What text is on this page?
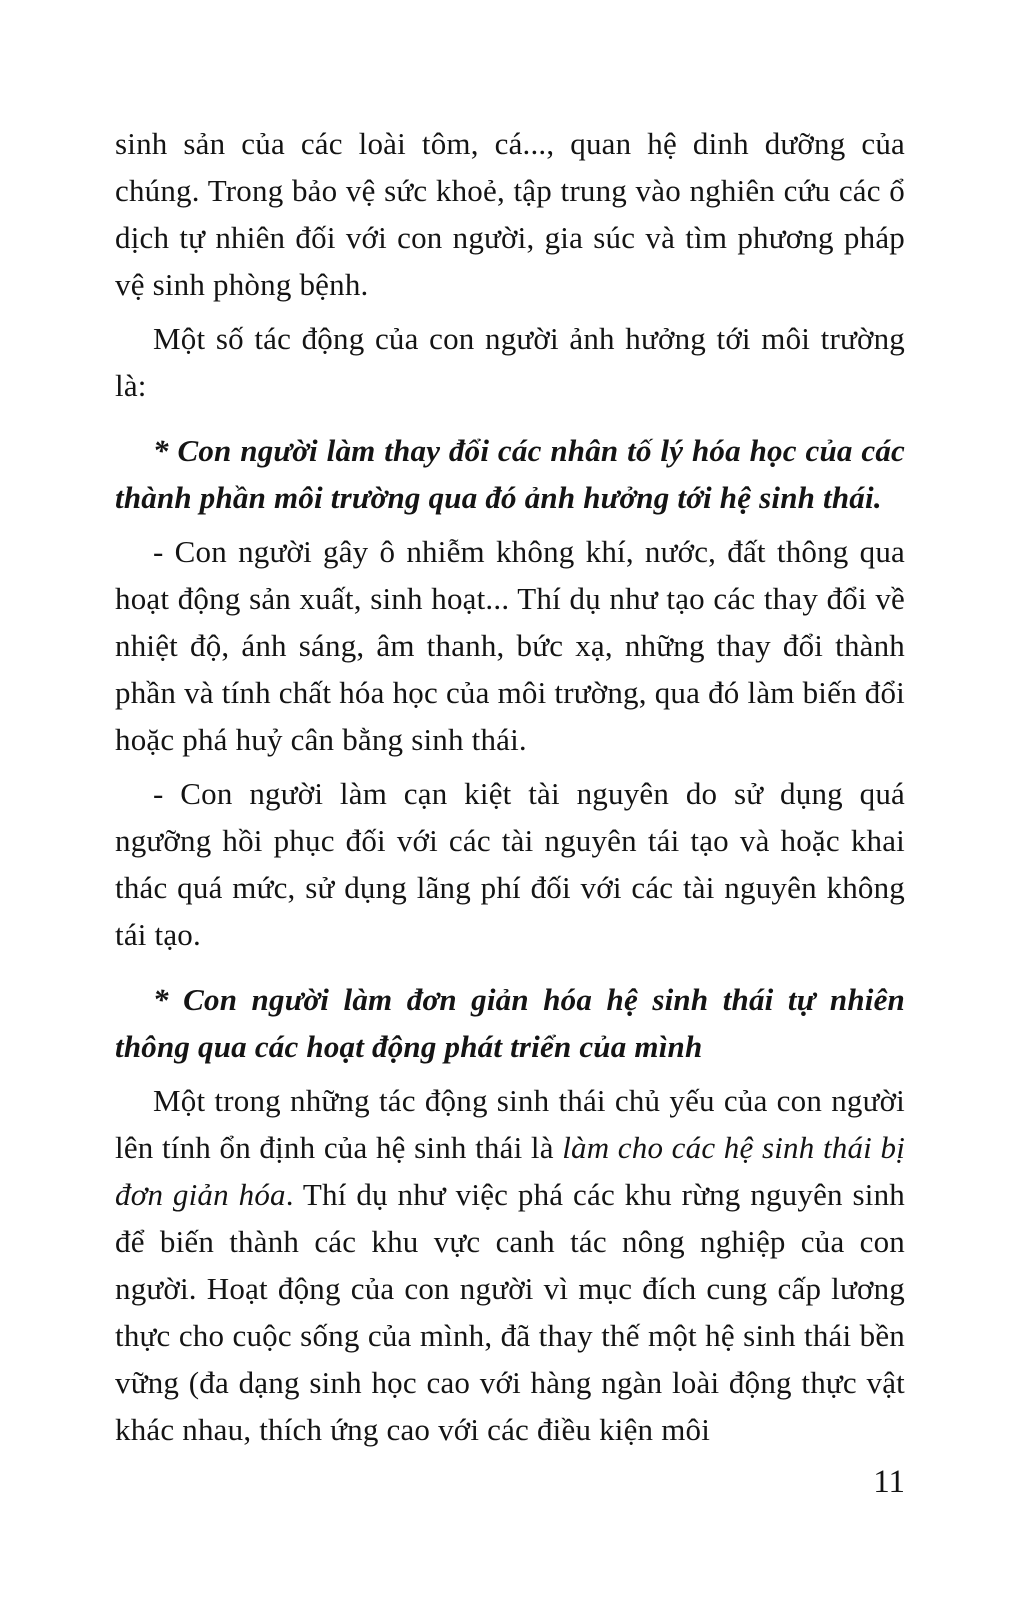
sinh sản của các loài tôm, cá..., quan hệ dinh dưỡng của chúng. Trong bảo vệ sức khoẻ, tập trung vào nghiên cứu các ổ dịch tự nhiên đối với con người, gia súc và tìm phương pháp vệ sinh phòng bệnh.

Một số tác động của con người ảnh hưởng tới môi trường là:

* Con người làm thay đổi các nhân tố lý hóa học của các thành phần môi trường qua đó ảnh hưởng tới hệ sinh thái.

- Con người gây ô nhiễm không khí, nước, đất thông qua hoạt động sản xuất, sinh hoạt... Thí dụ như tạo các thay đổi về nhiệt độ, ánh sáng, âm thanh, bức xạ, những thay đổi thành phần và tính chất hóa học của môi trường, qua đó làm biến đổi hoặc phá huỷ cân bằng sinh thái.

- Con người làm cạn kiệt tài nguyên do sử dụng quá ngưỡng hồi phục đối với các tài nguyên tái tạo và hoặc khai thác quá mức, sử dụng lãng phí đối với các tài nguyên không tái tạo.

* Con người làm đơn giản hóa hệ sinh thái tự nhiên thông qua các hoạt động phát triển của mình

Một trong những tác động sinh thái chủ yếu của con người lên tính ổn định của hệ sinh thái là làm cho các hệ sinh thái bị đơn giản hóa. Thí dụ như việc phá các khu rừng nguyên sinh để biến thành các khu vực canh tác nông nghiệp của con người. Hoạt động của con người vì mục đích cung cấp lương thực cho cuộc sống của mình, đã thay thế một hệ sinh thái bền vững (đa dạng sinh học cao với hàng ngàn loài động thực vật khác nhau, thích ứng cao với các điều kiện môi

11
